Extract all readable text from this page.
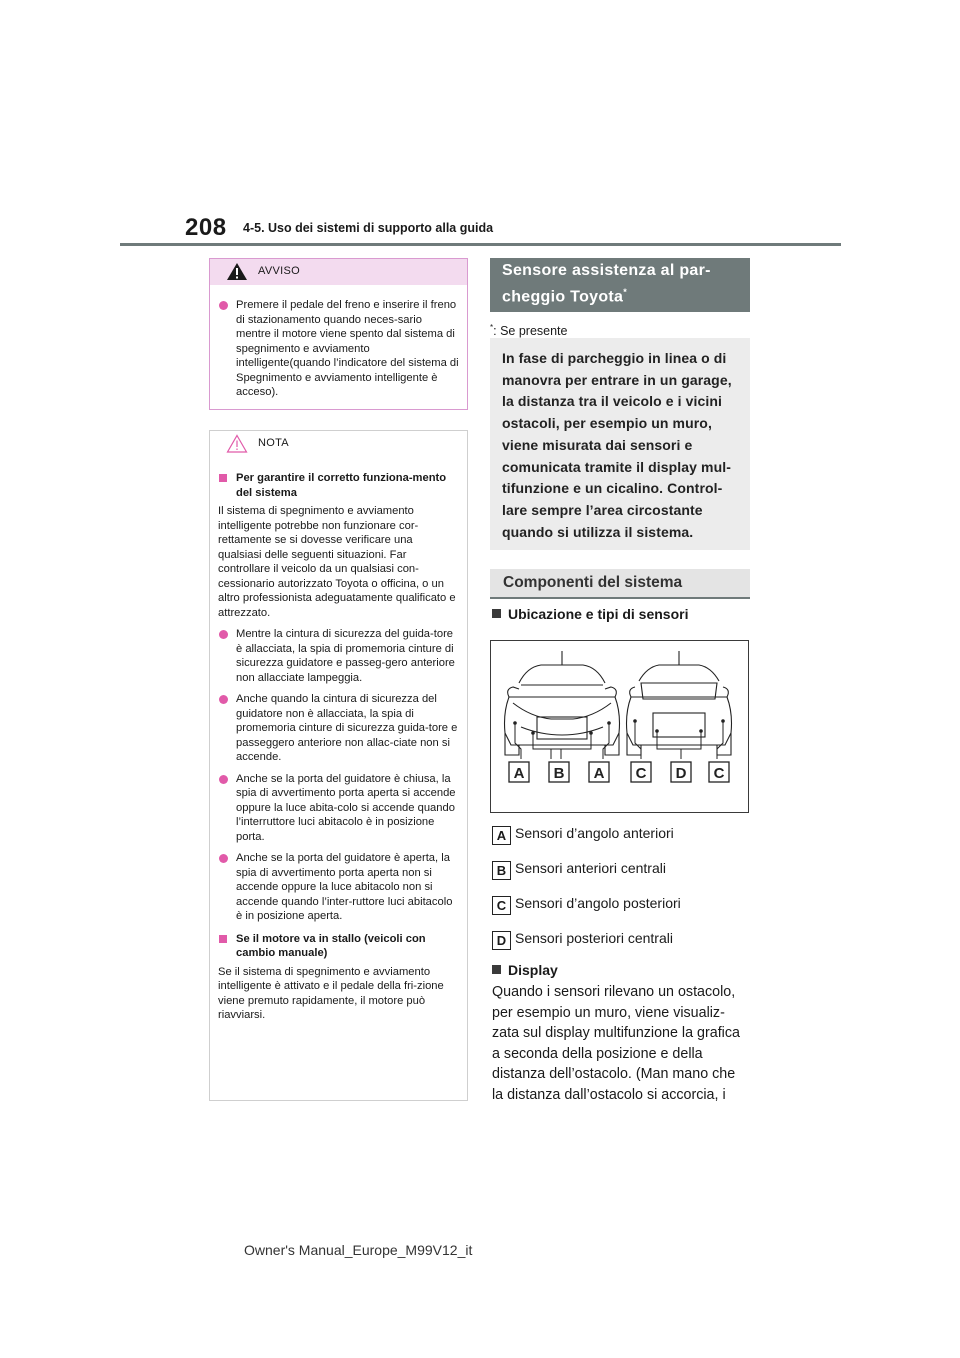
208 4-5. Uso dei sistemi di supporto alla guida
AVVISO
Premere il pedale del freno e inserire il freno di stazionamento quando neces-sario mentre il motore viene spento dal sistema di spegnimento e avviamento intelligente(quando l’indicatore del sistema di Spegnimento e avviamento intelligente è acceso).
NOTA
Per garantire il corretto funziona-mento del sistema
Il sistema di spegnimento e avviamento intelligente potrebbe non funzionare cor-rettamente se si dovesse verificare una qualsiasi delle seguenti situazioni. Far controllare il veicolo da un qualsiasi con-cessionario autorizzato Toyota o officina, o un altro professionista adeguatamente qualificato e attrezzato.
Mentre la cintura di sicurezza del guida-tore è allacciata, la spia di promemoria cinture di sicurezza guidatore e passeg-gero anteriore non allacciate lampeggia.
Anche quando la cintura di sicurezza del guidatore non è allacciata, la spia di promemoria cinture di sicurezza guida-tore e passeggero anteriore non allac-ciate non si accende.
Anche se la porta del guidatore è chiusa, la spia di avvertimento porta aperta si accende oppure la luce abita-colo si accende quando l’interruttore luci abitacolo è in posizione porta.
Anche se la porta del guidatore è aperta, la spia di avvertimento porta aperta non si accende oppure la luce abitacolo non si accende quando l’inter-ruttore luci abitacolo è in posizione aperta.
Se il motore va in stallo (veicoli con cambio manuale)
Se il sistema di spegnimento e avviamento intelligente è attivato e il pedale della fri-zione viene premuto rapidamente, il motore può riavviarsi.
Sensore assistenza al par-
cheggio Toyota*
*: Se presente
In fase di parcheggio in linea o di
manovra per entrare in un garage,
la distanza tra il veicolo e i vicini
ostacoli, per esempio un muro,
viene misurata dai sensori e
comunicata tramite il display mul-
tifunzione e un cicalino. Control-
lare sempre l’area circostante
quando si utilizza il sistema.
Componenti del sistema
Ubicazione e tipi di sensori
A B A C D C
A Sensori d’angolo anteriori
B Sensori anteriori centrali
C Sensori d’angolo posteriori
D Sensori posteriori centrali
Display
Quando i sensori rilevano un ostacolo,
per esempio un muro, viene visualiz-
zata sul display multifunzione la grafica
a seconda della posizione e della
distanza dell’ostacolo. (Man mano che
la distanza dall’ostacolo si accorcia, i
Owner's Manual_Europe_M99V12_it
